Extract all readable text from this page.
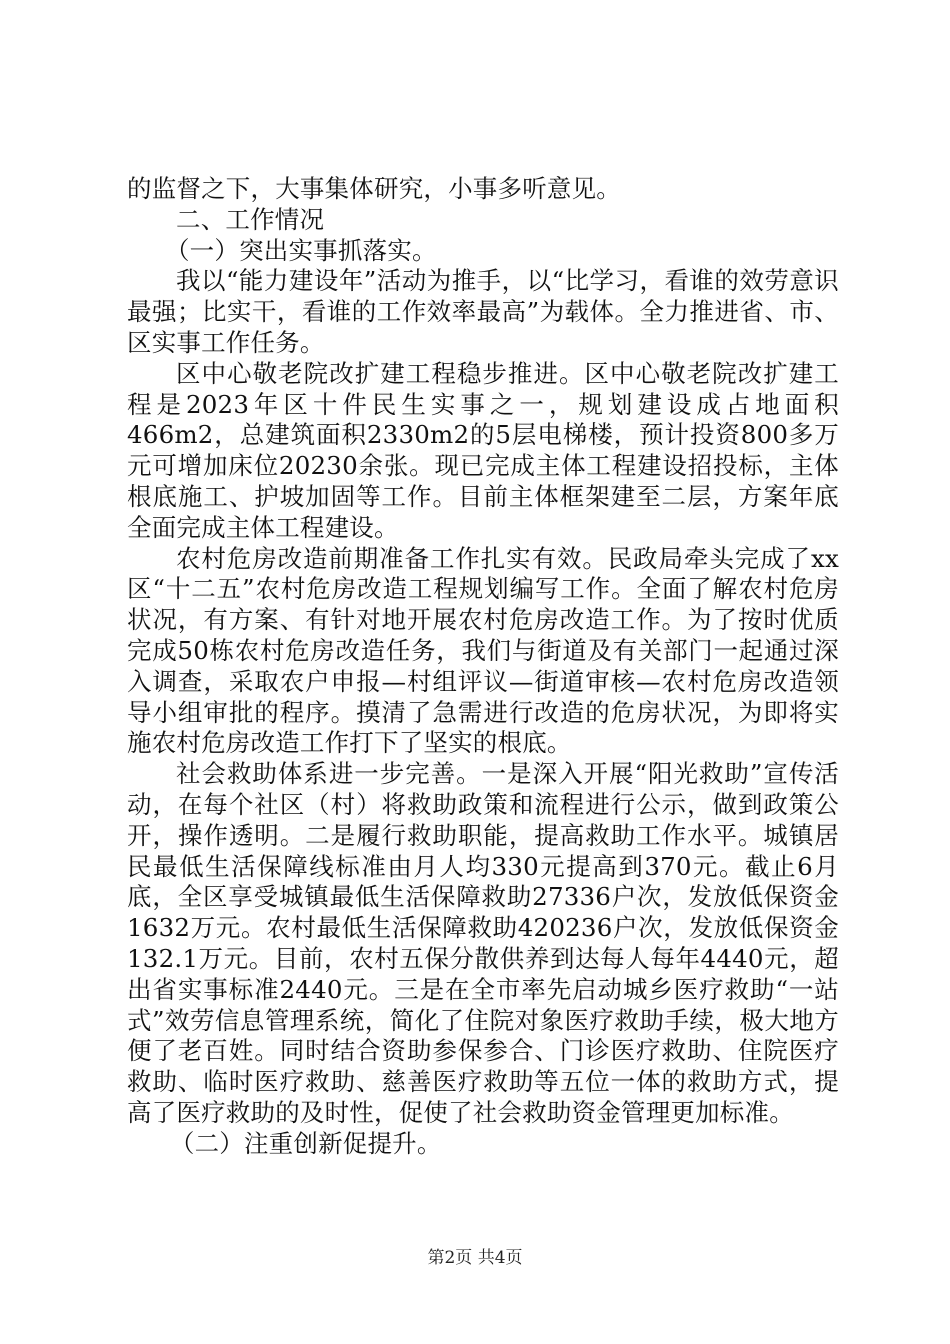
的监督之下，大事集体研究，小事多听意见。

二、工作情况

（一）突出实事抓落实。

我以“能力建设年”活动为推手，以“比学习，看谁的效劳意识最强；比实干，看谁的工作效率最高”为载体。全力推进省、市、区实事工作任务。

区中心敬老院改扩建工程稳步推进。区中心敬老院改扩建工程是2023年区十件民生实事之一，规划建设成占地面积466m2，总建筑面积2330m2的5层电梯楼，预计投资800多万元可增加床位20230余张。现已完成主体工程建设招投标，主体根底施工、护坡加固等工作。目前主体框架建至二层，方案年底全面完成主体工程建设。

农村危房改造前期准备工作扎实有效。民政局牵头完成了xx区“十二五”农村危房改造工程规划编写工作。全面了解农村危房状况，有方案、有针对地开展农村危房改造工作。为了按时优质完成50栋农村危房改造任务，我们与街道及有关部门一起通过深入调查，采取农户申报—村组评议—街道审核—农村危房改造领导小组审批的程序。摸清了急需进行改造的危房状况，为即将实施农村危房改造工作打下了坚实的根底。

社会救助体系进一步完善。一是深入开展“阳光救助”宣传活动，在每个社区（村）将救助政策和流程进行公示，做到政策公开，操作透明。二是履行救助职能，提高救助工作水平。城镇居民最低生活保障线标准由月人均330元提高到370元。截止6月底，全区享受城镇最低生活保障救助27336户次，发放低保资金1632万元。农村最低生活保障救助420236户次，发放低保资金132.1万元。目前，农村五保分散供养到达每人每年4440元，超出省实事标准2440元。三是在全市率先启动城乡医疗救助“一站式”效劳信息管理系统，简化了住院对象医疗救助手续，极大地方便了老百姓。同时结合资助参保参合、门诊医疗救助、住院医疗救助、临时医疗救助、慈善医疗救助等五位一体的救助方式，提高了医疗救助的及时性，促使了社会救助资金管理更加标准。

（二）注重创新促提升。

第2页 共4页
